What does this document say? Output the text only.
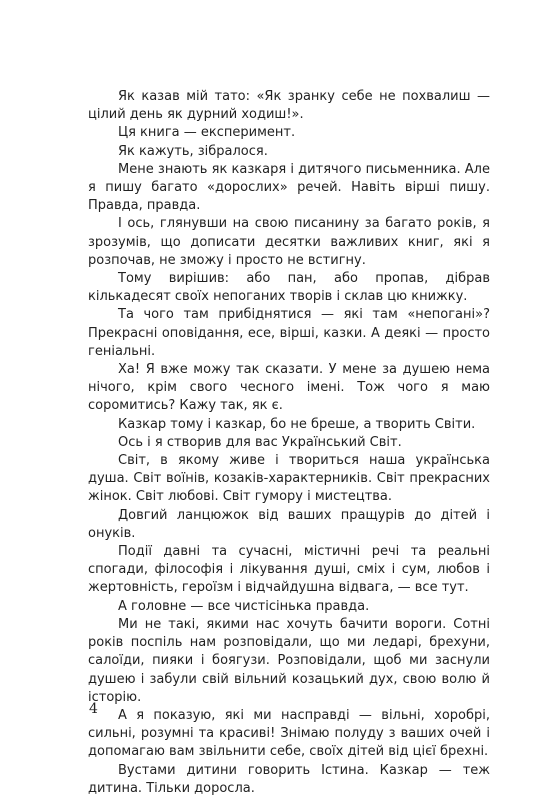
Як казав мій тато: «Як зранку себе не похвалиш — цілий день як дурний ходиш!».

Ця книга — експеримент.

Як кажуть, зібралося.

Мене знають як казкаря і дитячого письменника. Але я пишу багато «дорослих» речей. Навіть вірші пишу. Правда, правда.

І ось, глянувши на свою писанину за багато років, я зрозумів, що дописати десятки важливих книг, які я розпочав, не зможу і просто не встигну.

Тому вирішив: або пан, або пропав, дібрав кількадесят своїх непоганих творів і склав цю книжку.

Та чого там прибіднятися — які там «непогані»? Прекрасні оповідання, есе, вірші, казки. А деякі — просто геніальні.

Ха! Я вже можу так сказати. У мене за душею нема нічого, крім свого чесного імені. Тож чого я маю соромитись? Кажу так, як є.

Казкар тому і казкар, бо не бреше, а творить Світи.

Ось і я створив для вас Український Світ.

Світ, в якому живе і твориться наша українська душа. Світ воїнів, козаків-характерників. Світ прекрасних жінок. Світ любові. Світ гумору і мистецтва.

Довгий ланцюжок від ваших пращурів до дітей і онуків.

Події давні та сучасні, містичні речі та реальні спогади, філософія і лікування душі, сміх і сум, любов і жертовність, героїзм і відчайдушна відвага, — все тут.

А головне — все чистісінька правда.

Ми не такі, якими нас хочуть бачити вороги. Сотні років поспіль нам розповідали, що ми ледарі, брехуни, салоїди, пияки і боягузи. Розповідали, щоб ми заснули душею і забули свій вільний козацький дух, свою волю й історію.

А я показую, які ми насправді — вільні, хоробрі, сильні, розумні та красиві! Знімаю полуду з ваших очей і допомагаю вам звільнити себе, своїх дітей від цієї брехні.

Вустами дитини говорить Істина. Казкар — теж дитина. Тільки доросла.

4
